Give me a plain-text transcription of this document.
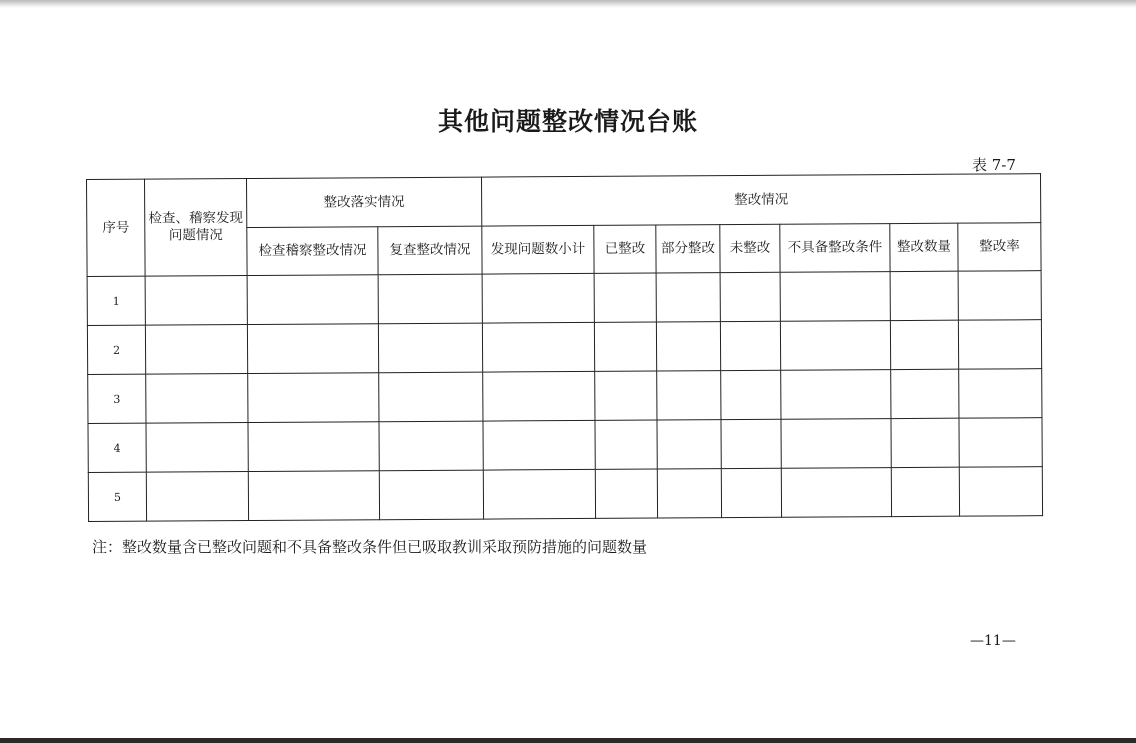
其他问题整改情况台账
表 7-7
序号	检查、稽察发现问题情况	整改落实情况		整改情况						
		检查稽察整改情况	复查整改情况	发现问题数小计	已整改	部分整改	未整改	不具备整改条件	整改数量	整改率
1										
2										
3										
4										
5										
注：整改数量含已整改问题和不具备整改条件但已吸取教训采取预防措施的问题数量
—11—
